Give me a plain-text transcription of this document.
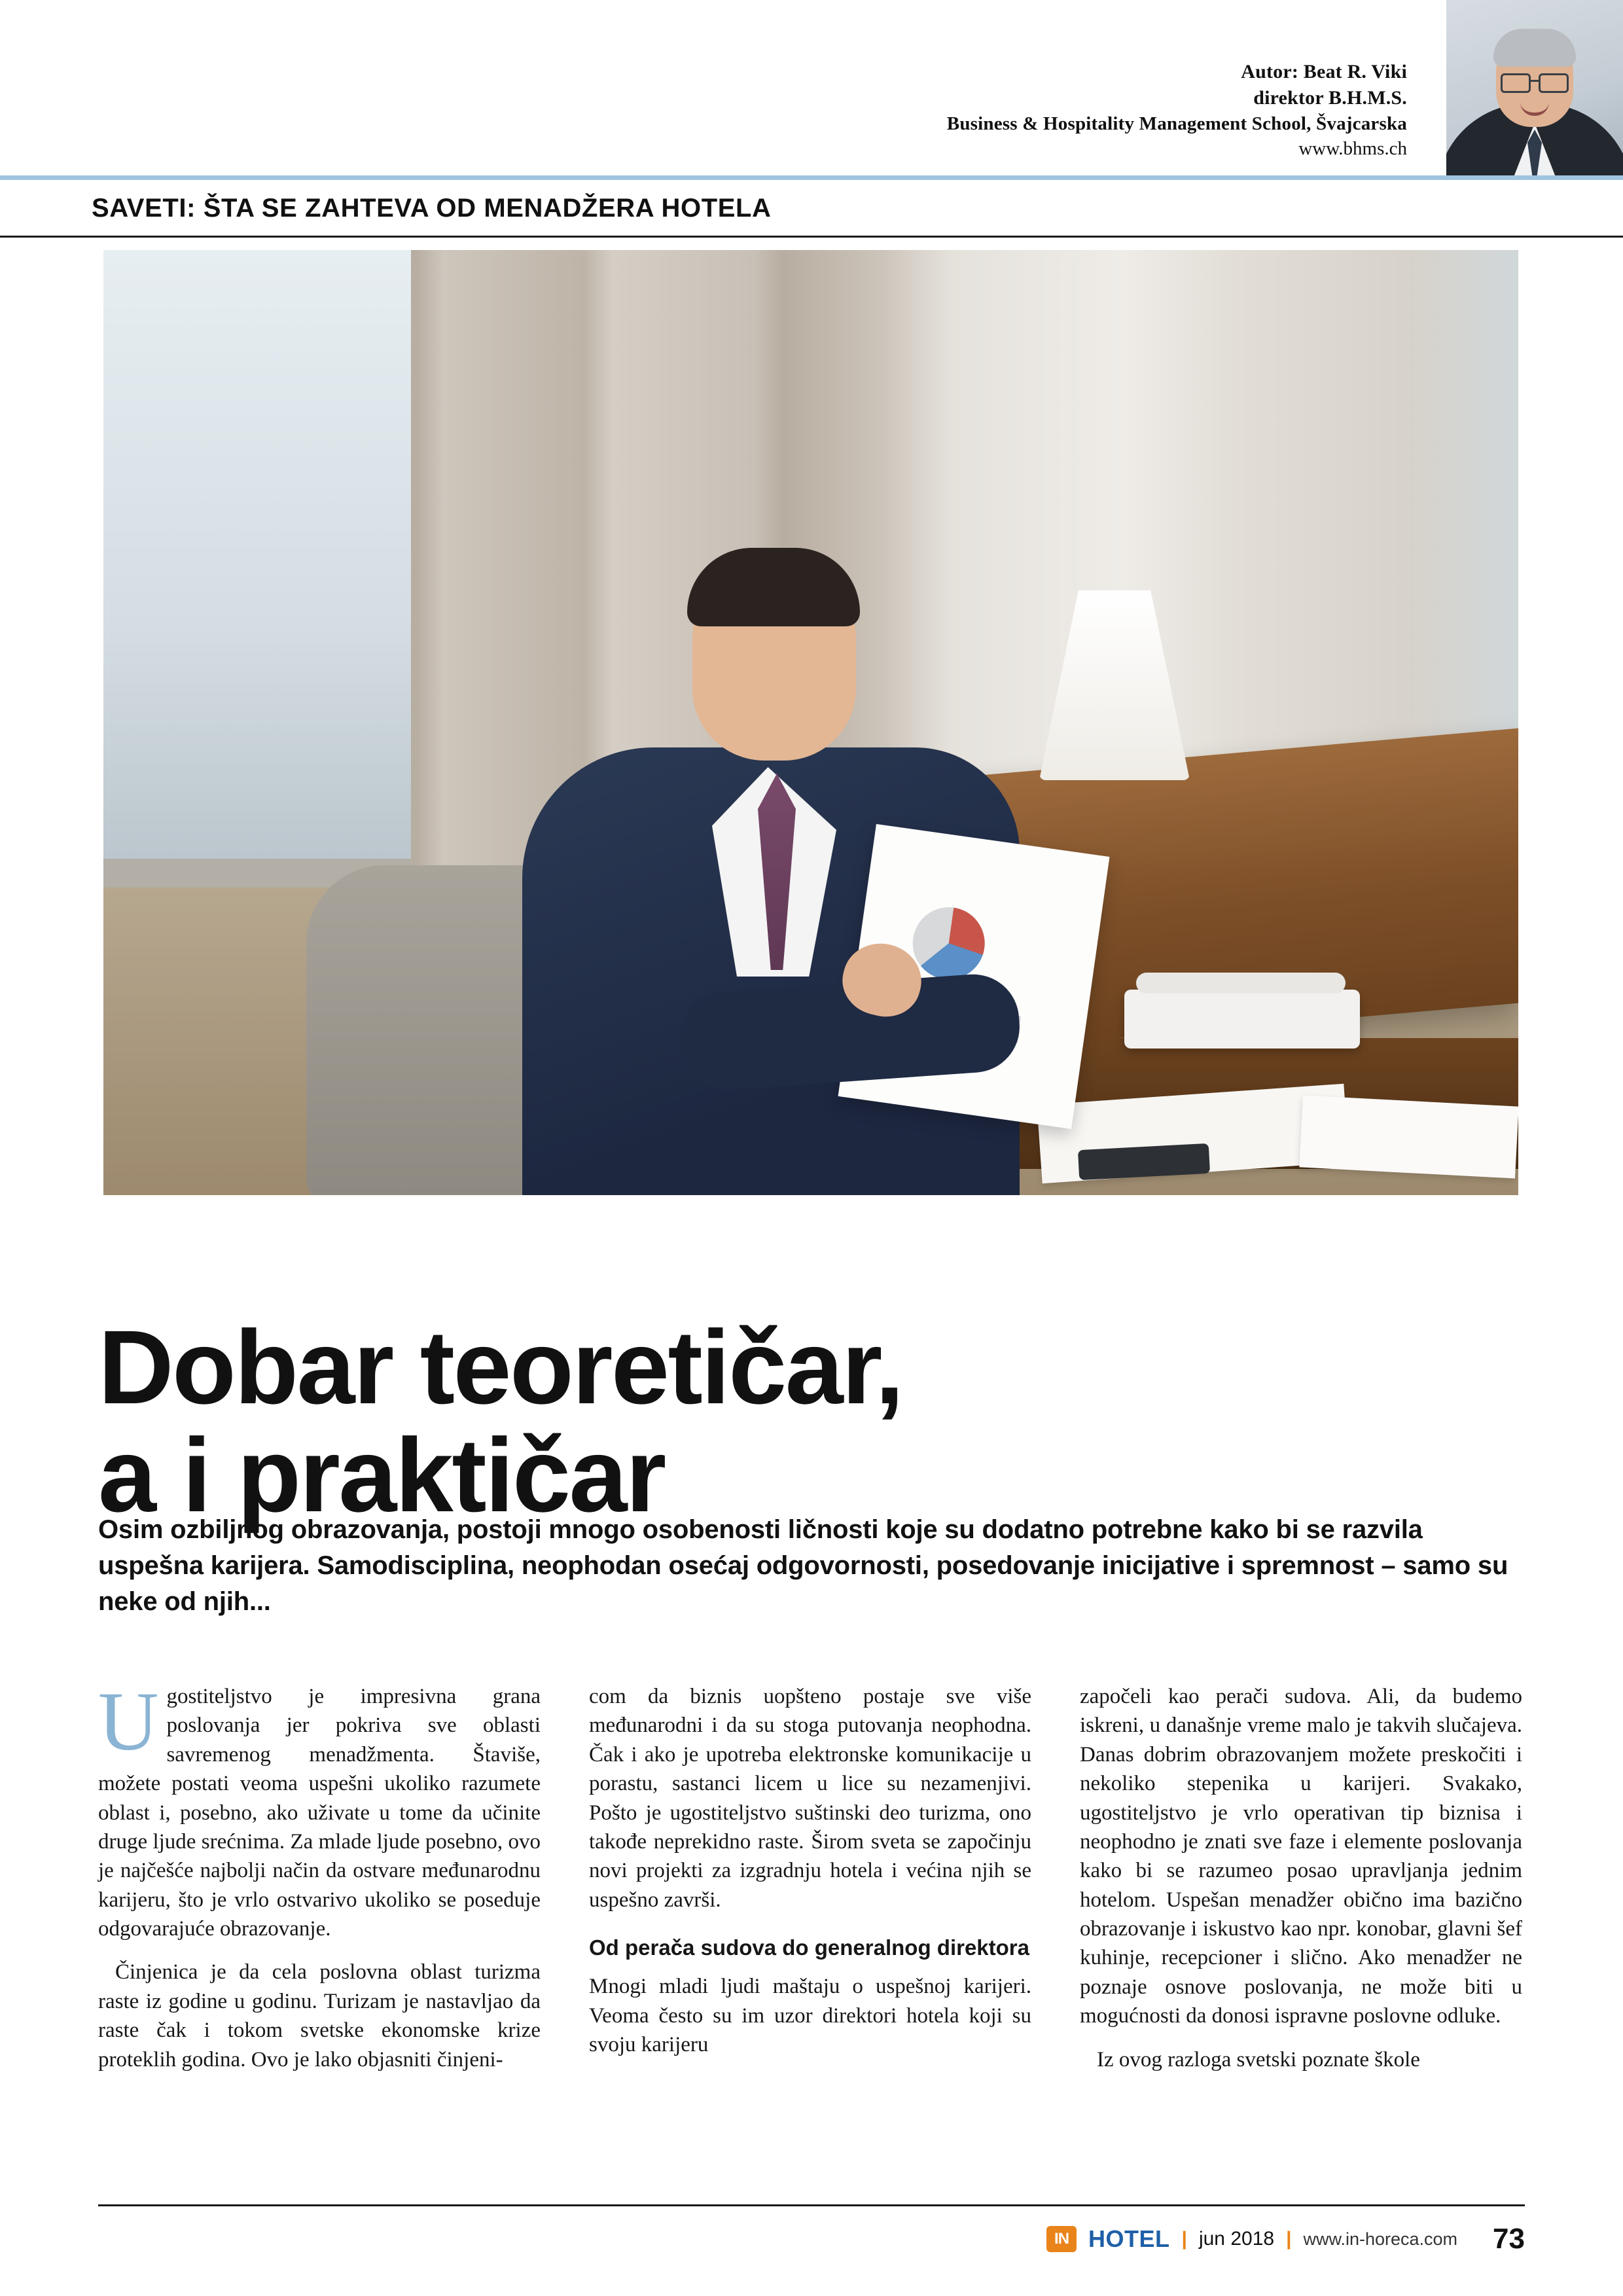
Autor: Beat R. Viki
direktor B.H.M.S.
Business & Hospitality Management School, Švajcarska
www.bhms.ch
SAVETI: ŠTA SE ZAHTEVA OD MENADŽERA HOTELA
Dobar teoretičar,
a i praktičar
Osim ozbiljnog obrazovanja, postoji mnogo osobenosti ličnosti koje su dodatno potrebne kako bi se razvila uspešna karijera. Samodisciplina, neophodan osećaj odgovornosti, posedovanje inicijative i spremnost – samo su neke od njih...

Ugostiteljstvo je impresivna grana poslovanja jer pokriva sve oblasti savremenog menadžmenta. Štaviše, možete postati veoma uspešni ukoliko razumete oblast i, posebno, ako uživate u tome da učinite druge ljude srećnima. Za mlade ljude posebno, ovo je najčešće najbolji način da ostvare međunarodnu karijeru, što je vrlo ostvarivo ukoliko se poseduje odgovarajuće obrazovanje.

Činjenica je da cela poslovna oblast turizma raste iz godine u godinu. Turizam je nastavljao da raste čak i tokom svetske ekonomske krize proteklih godina. Ovo je lako objasniti činjeni-

com da biznis uopšteno postaje sve više međunarodni i da su stoga putovanja neophodna. Čak i ako je upotreba elektronske komunikacije u porastu, sastanci licem u lice su nezamenjivi. Pošto je ugostiteljstvo suštinski deo turizma, ono takođe neprekidno raste. Širom sveta se započinju novi projekti za izgradnju hotela i većina njih se uspešno završi.

Od perača sudova do generalnog direktora

Mnogi mladi ljudi maštaju o uspešnoj karijeri. Veoma često su im uzor direktori hotela koji su svoju karijeru

započeli kao perači sudova. Ali, da budemo iskreni, u današnje vreme malo je takvih slučajeva. Danas dobrim obrazovanjem možete preskočiti i nekoliko stepenika u karijeri. Svakako, ugostiteljstvo je vrlo operativan tip biznisa i neophodno je znati sve faze i elemente poslovanja kako bi se razumeo posao upravljanja jednim hotelom. Uspešan menadžer obično ima bazično obrazovanje i iskustvo kao npr. konobar, glavni šef kuhinje, recepcioner i slično. Ako menadžer ne poznaje osnove poslovanja, ne može biti u mogućnosti da donosi ispravne poslovne odluke.

Iz ovog razloga svetski poznate škole

IN HOTEL | jun 2018 | www.in-horeca.com 73
